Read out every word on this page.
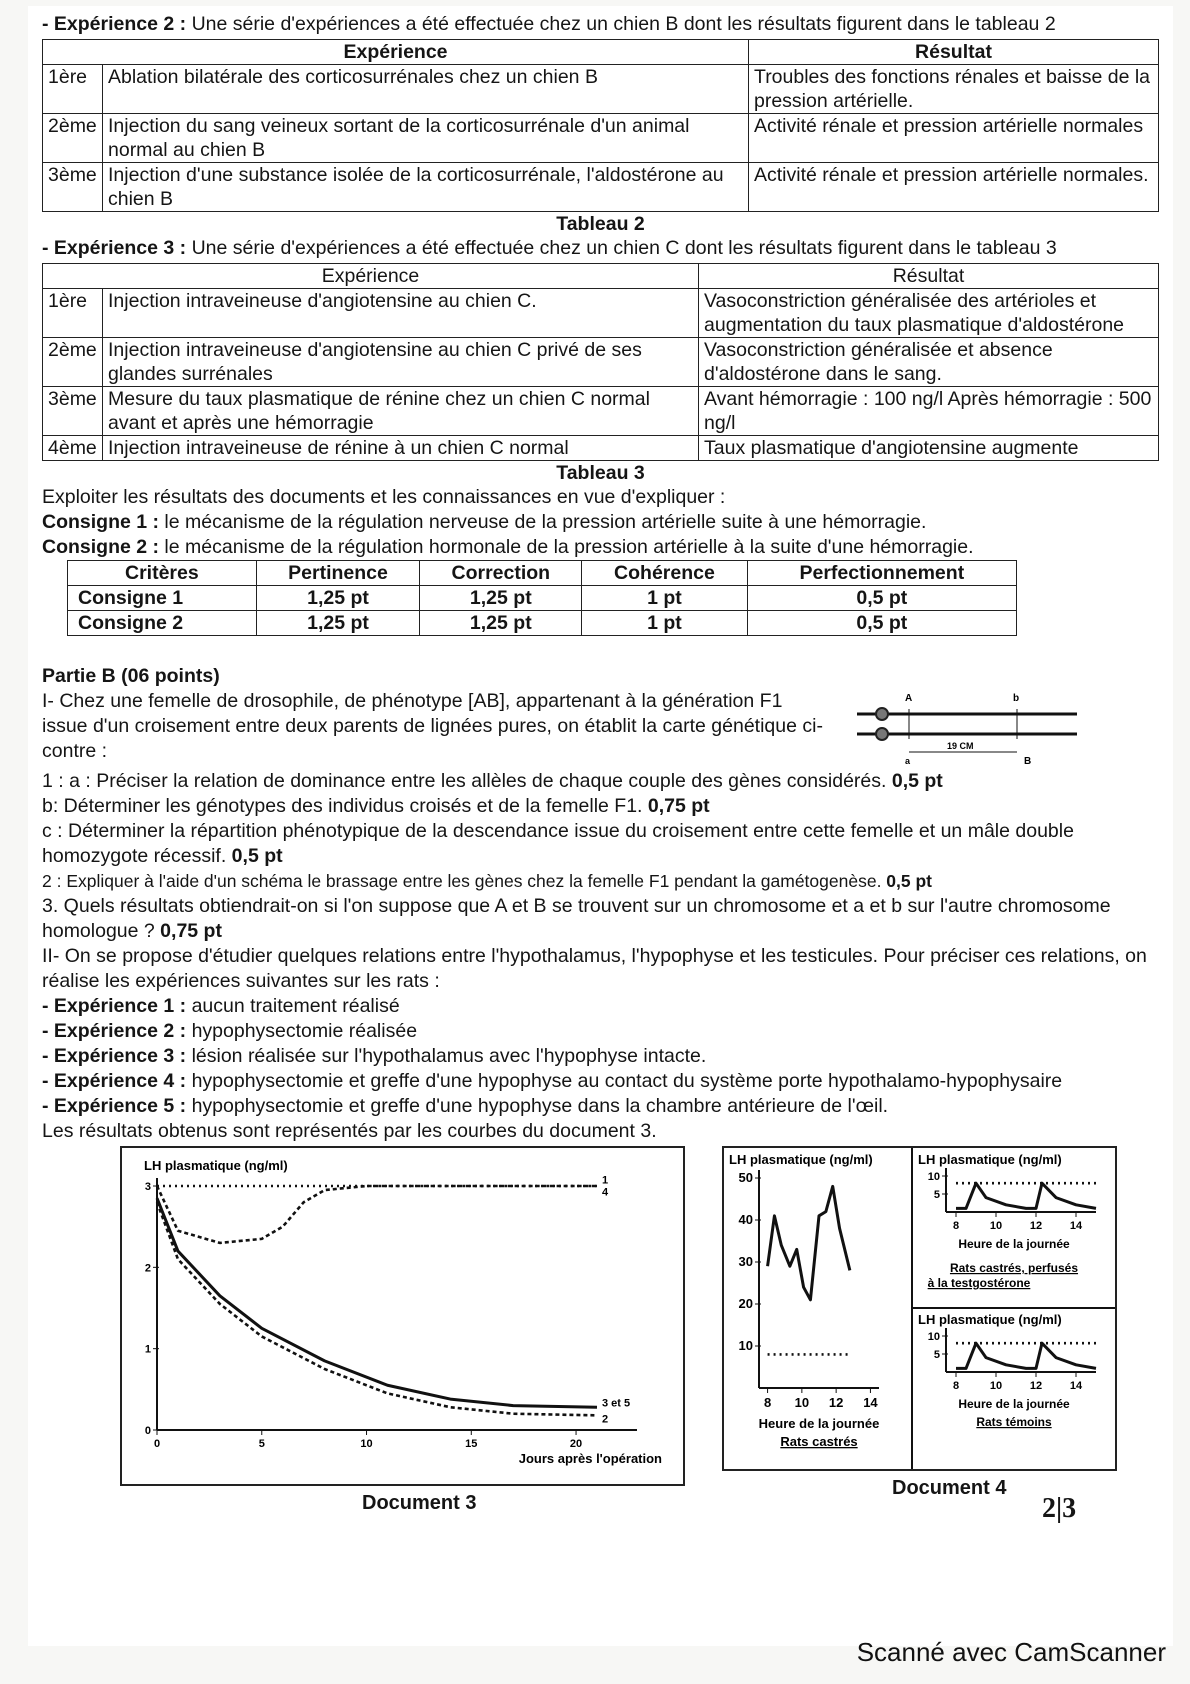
- Expérience 2 : Une série d'expériences a été effectuée chez un chien B dont les résultats figurent dans le tableau 2
Expérience		Résultat
1ère	Ablation bilatérale des corticosurrénales chez un chien B	Troubles des fonctions rénales et baisse de la pression artérielle.
2ème	Injection du sang veineux sortant de la corticosurrénale d'un animal normal au chien B	Activité rénale et pression artérielle normales
3ème	Injection d'une substance isolée de la corticosurrénale, l'aldostérone au chien B	Activité rénale et pression artérielle normales.
Tableau 2
- Expérience 3 : Une série d'expériences a été effectuée chez un chien C dont les résultats figurent dans le tableau 3
Expérience		Résultat
1ère	Injection intraveineuse d'angiotensine au chien C.	Vasoconstriction généralisée des artérioles et augmentation du taux plasmatique d'aldostérone
2ème	Injection intraveineuse d'angiotensine au chien C privé de ses glandes surrénales	Vasoconstriction généralisée et absence d'aldostérone dans le sang.
3ème	Mesure du taux plasmatique de rénine chez un chien C normal avant et après une hémorragie	Avant hémorragie : 100 ng/l Après hémorragie : 500 ng/l
4ème	Injection intraveineuse de rénine à un chien C normal	Taux plasmatique d'angiotensine augmente
Tableau 3
Exploiter les résultats des documents et les connaissances en vue d'expliquer :
Consigne 1 : le mécanisme de la régulation nerveuse de la pression artérielle suite à une hémorragie.
Consigne 2 : le mécanisme de la régulation hormonale de la pression artérielle à la suite d'une hémorragie.
Critères	Pertinence	Correction	Cohérence	Perfectionnement
Consigne 1	1,25 pt	1,25 pt	1 pt	0,5 pt
Consigne 2	1,25 pt	1,25 pt	1 pt	0,5 pt
Partie B (06 points)
I- Chez une femelle de drosophile, de phénotype [AB], appartenant à la génération F1 issue d'un croisement entre deux parents de lignées pures, on établit la carte génétique ci-contre :
A	b
a	B
19 CM
1 : a : Préciser la relation de dominance entre les allèles de chaque couple des gènes considérés. 0,5 pt
b: Déterminer les génotypes des individus croisés et de la femelle F1. 0,75 pt
c : Déterminer la répartition phénotypique de la descendance issue du croisement entre cette femelle et un mâle double homozygote récessif. 0,5 pt
2 : Expliquer à l'aide d'un schéma le brassage entre les gènes chez la femelle F1 pendant la gamétogenèse. 0,5 pt
3. Quels résultats obtiendrait-on si l'on suppose que A et B se trouvent sur un chromosome et a et b sur l'autre chromosome homologue ? 0,75 pt
II- On se propose d'étudier quelques relations entre l'hypothalamus, l'hypophyse et les testicules. Pour préciser ces relations, on réalise les expériences suivantes sur les rats :
- Expérience 1 : aucun traitement réalisé
- Expérience 2 : hypophysectomie réalisée
- Expérience 3 : lésion réalisée sur l'hypothalamus avec l'hypophyse intacte.
- Expérience 4 : hypophysectomie et greffe d'une hypophyse au contact du système porte hypothalamo-hypophysaire
- Expérience 5 : hypophysectomie et greffe d'une hypophyse dans la chambre antérieure de l'œil.
Les résultats obtenus sont représentés par les courbes du document 3.
LH plasmatique (ng/ml)
0
1
2
3
0	5	10	15	20
1
4
3 et 5
2
Jours après l'opération
LH plasmatique (ng/ml)
10
20
30
40
50
8 10 12 14
Heure de la journée
Rats castrés
LH plasmatique (ng/ml)
5
10
8	10	12	14
Heure de la journée
Rats castrés, perfusés
à la testgostérone
LH plasmatique (ng/ml)
5
10
8	10	12	14
Heure de la journée
Rats témoins
Document 3
Document 4
2|3
Scanné avec CamScanner
